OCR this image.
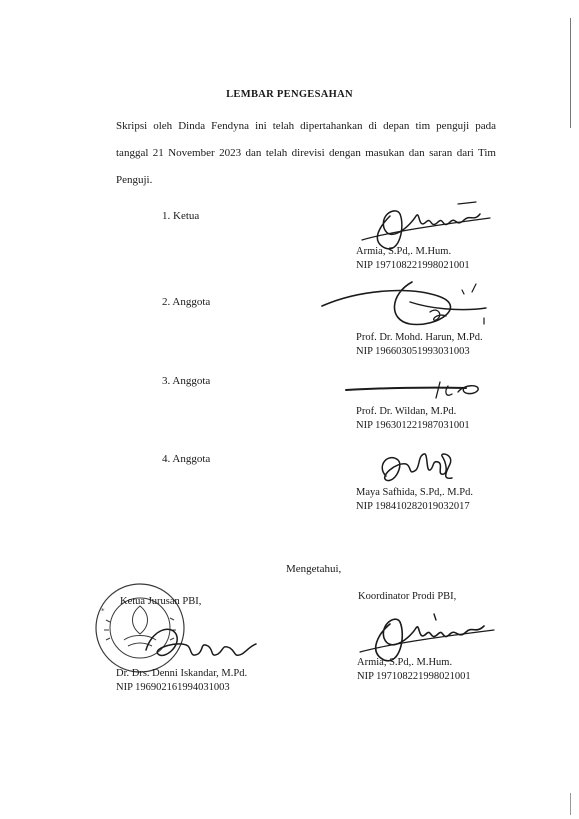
LEMBAR PENGESAHAN
Skripsi oleh Dinda Fendyna ini telah dipertahankan di depan tim penguji pada
tanggal 21 November 2023 dan telah direvisi dengan masukan dan saran dari Tim
Penguji.
1. Ketua
Armia, S.Pd,. M.Hum.
NIP 197108221998021001
2. Anggota
Prof. Dr. Mohd. Harun, M.Pd.
NIP 196603051993031003
3. Anggota
Prof. Dr. Wildan, M.Pd.
NIP 196301221987031001
4. Anggota
Maya Safhida, S.Pd,. M.Pd.
NIP 198410282019032017
Mengetahui,
*
Ketua Jurusan PBI,
Dr. Drs. Denni Iskandar, M.Pd.
NIP 196902161994031003
Koordinator Prodi PBI,
Armia, S.Pd,. M.Hum.
NIP 197108221998021001
